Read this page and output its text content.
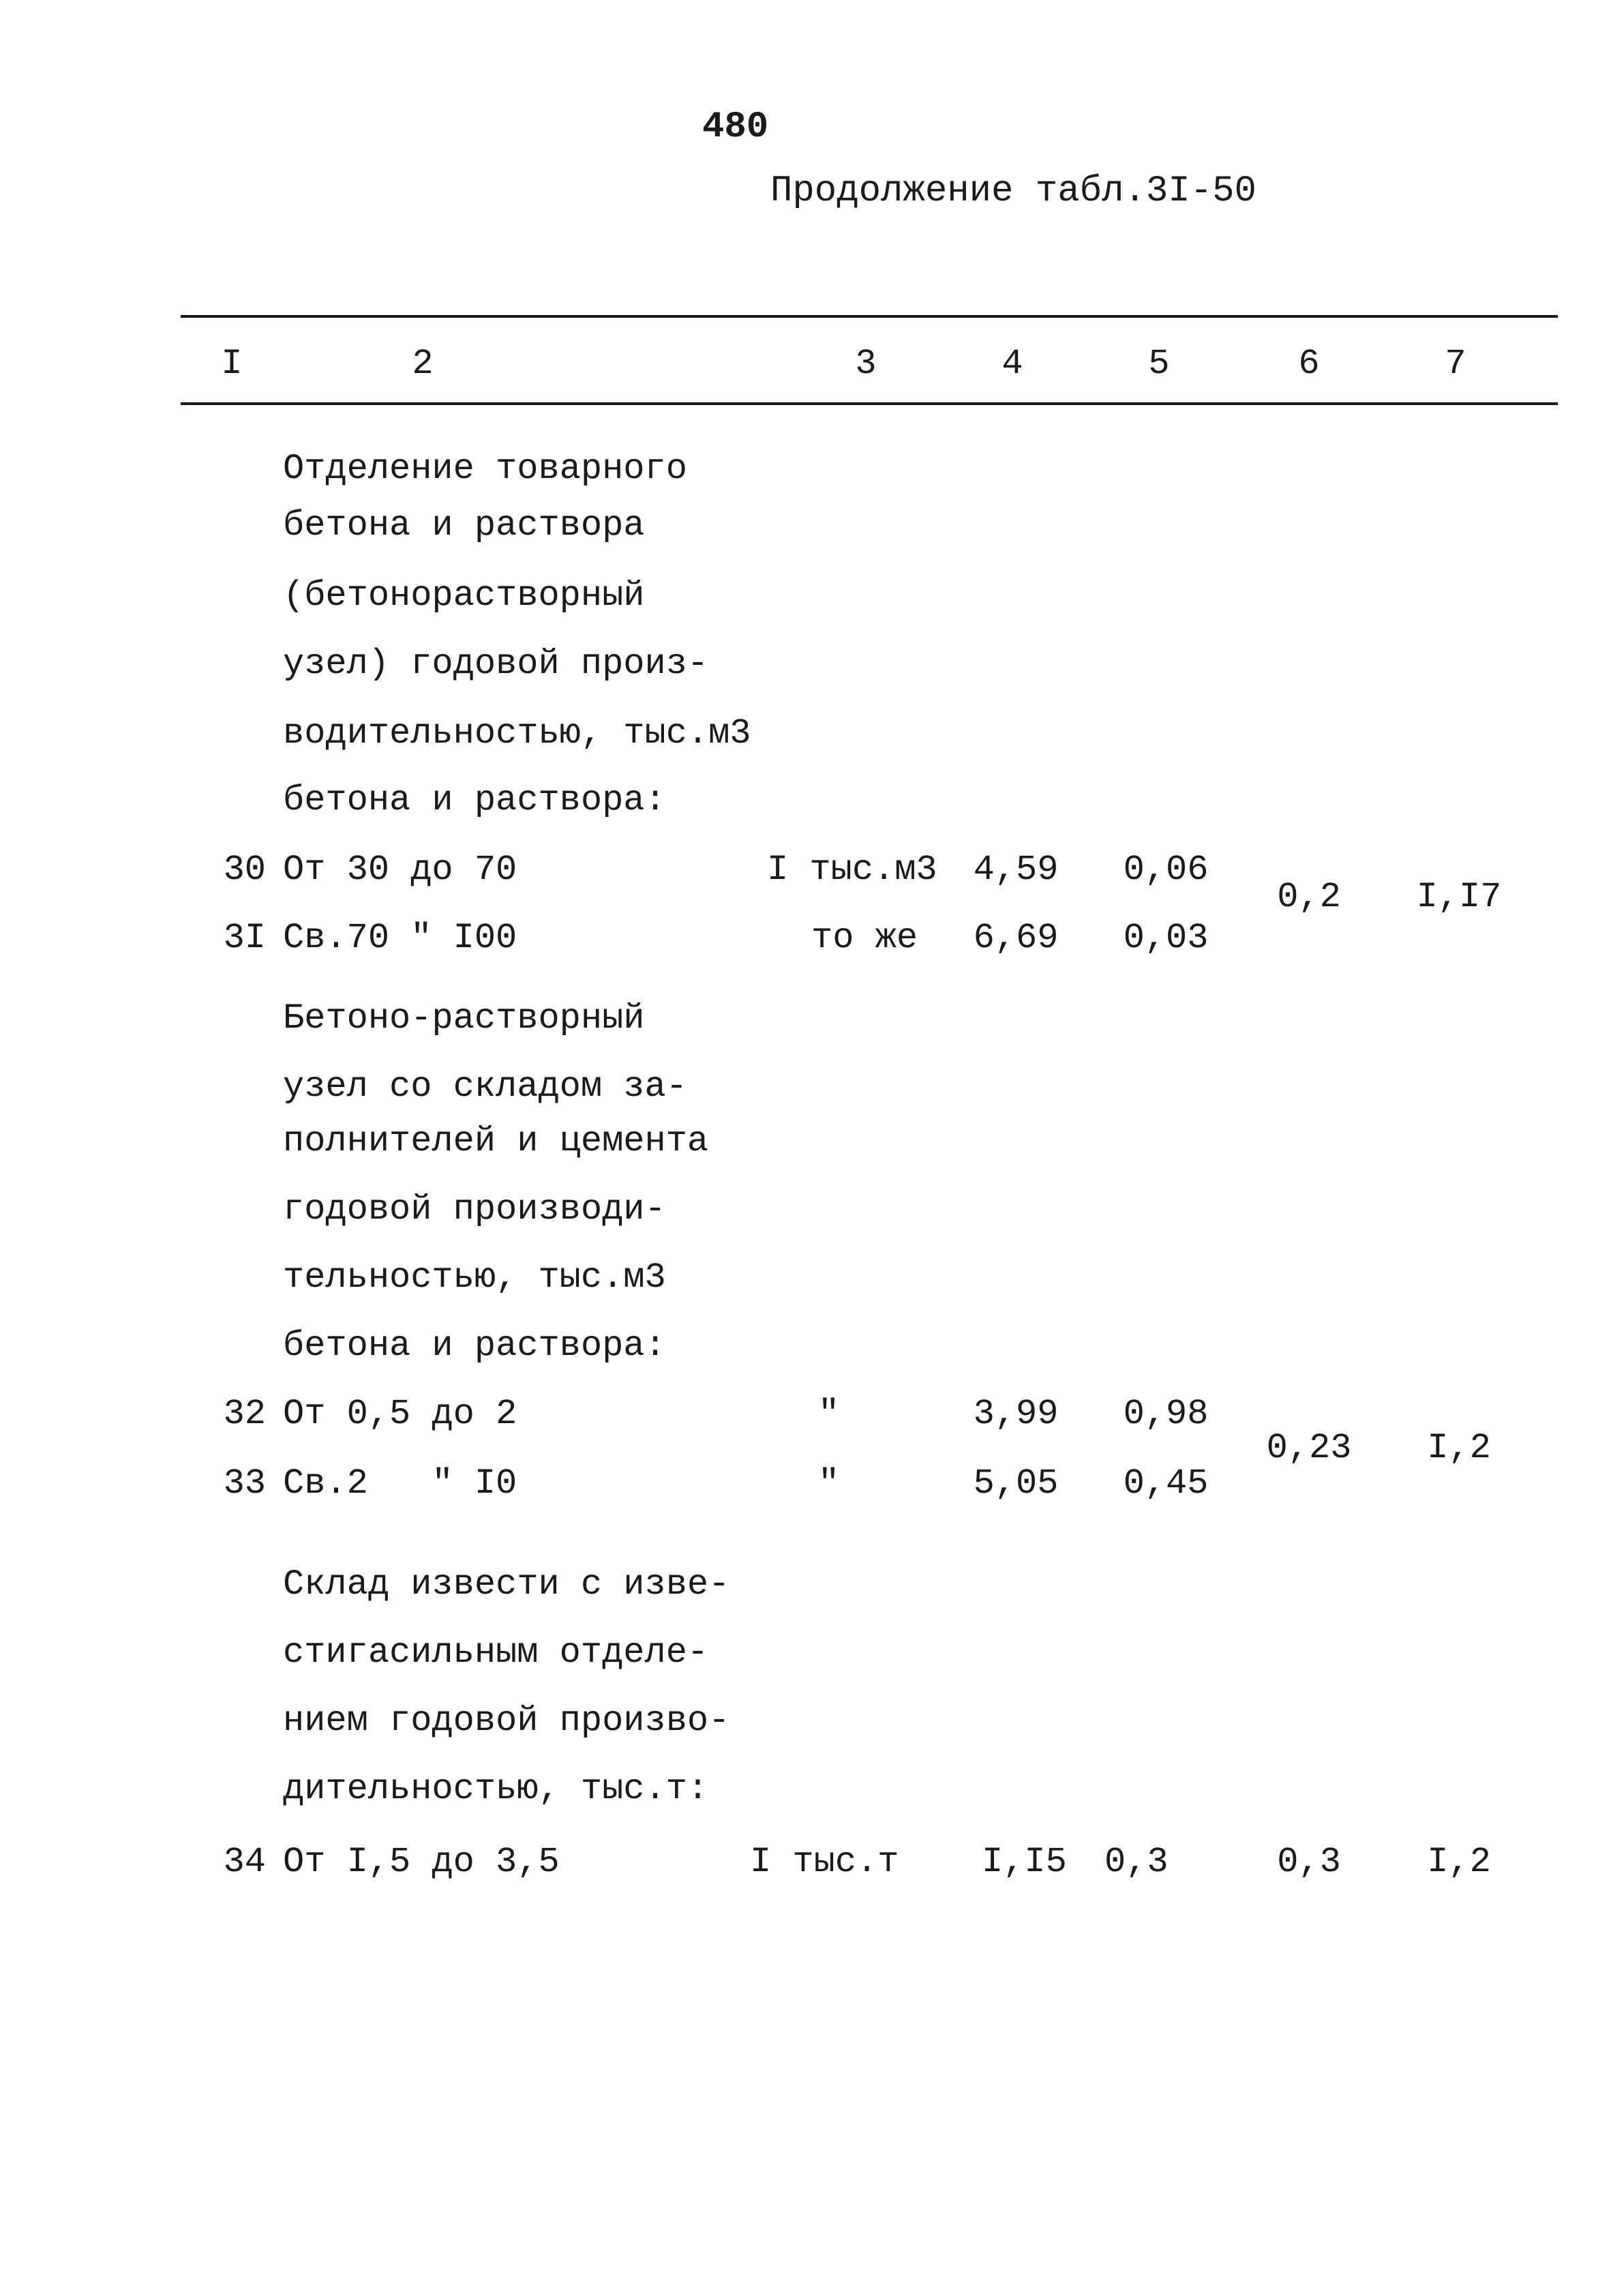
480
Продолжение табл.3I-50
I	2	3	4	5	6	7
Отделение товарного
бетона и раствора
(бетонорастворный
узел) годовой произ-
водительностью, тыс.м3
бетона и раствора:
30 От 30 до 70	I тыс.м3	4,59	0,06
3I Св.70 " I00	то же	6,69	0,03
0,2	I,I7
Бетоно-растворный
узел со складом за-
полнителей и цемента
годовой производи-
тельностью, тыс.м3
бетона и раствора:
32 От 0,5 до 2	"	3,99	0,98
33 Св.2   " I0	"	5,05	0,45
0,23	I,2
Склад извести с изве-
стигасильным отделе-
нием годовой произво-
дительностью, тыс.т:
34 От I,5 до 3,5	I тыс.т I,I5 0,3	0,3	I,2
